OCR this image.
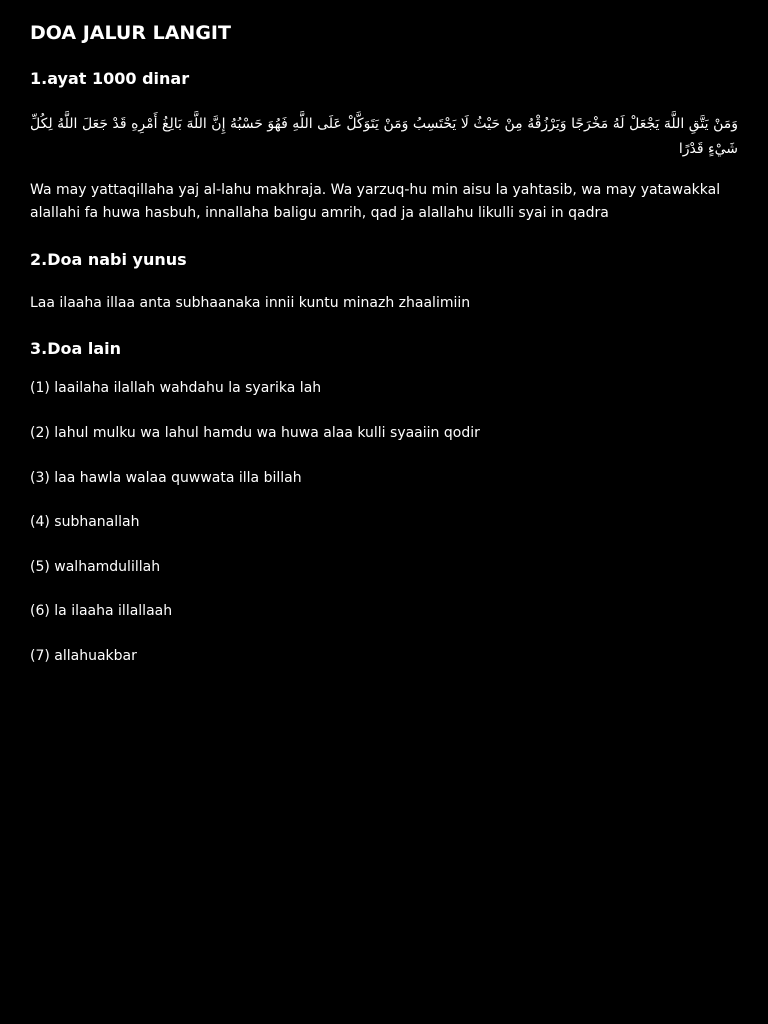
DOA JALUR LANGIT
1.ayat 1000 dinar

وَمَنْ يَتَّقِ اللَّهَ يَجْعَلْ لَهُ مَخْرَجًا وَيَرْزُقْهُ مِنْ حَيْثُ لَا يَحْتَسِبُ وَمَنْ يَتَوَكَّلْ عَلَى اللَّهِ فَهُوَ حَسْبُهُ إِنَّ اللَّهَ بَالِغُ أَمْرِهِ قَدْ جَعَلَ اللَّهُ لِكُلِّ شَيْءٍ قَدْرًا

Wa may yattaqillaha yaj al-lahu makhraja. Wa yarzuq-hu min aisu la yahtasib, wa may yatawakkal alallahi fa huwa hasbuh, innallaha baligu amrih, qad ja alallahu likulli syai in qadra

2.Doa nabi yunus

Laa ilaaha illaa anta subhaanaka innii kuntu minazh zhaalimiin

3.Doa lain
(1) laailaha ilallah wahdahu la syarika lah
(2) lahul mulku wa lahul hamdu wa huwa alaa kulli syaaiin qodir
(3) laa hawla walaa quwwata illa billah
(4) subhanallah
(5) walhamdulillah
(6) la ilaaha illallaah
(7) allahuakbar
